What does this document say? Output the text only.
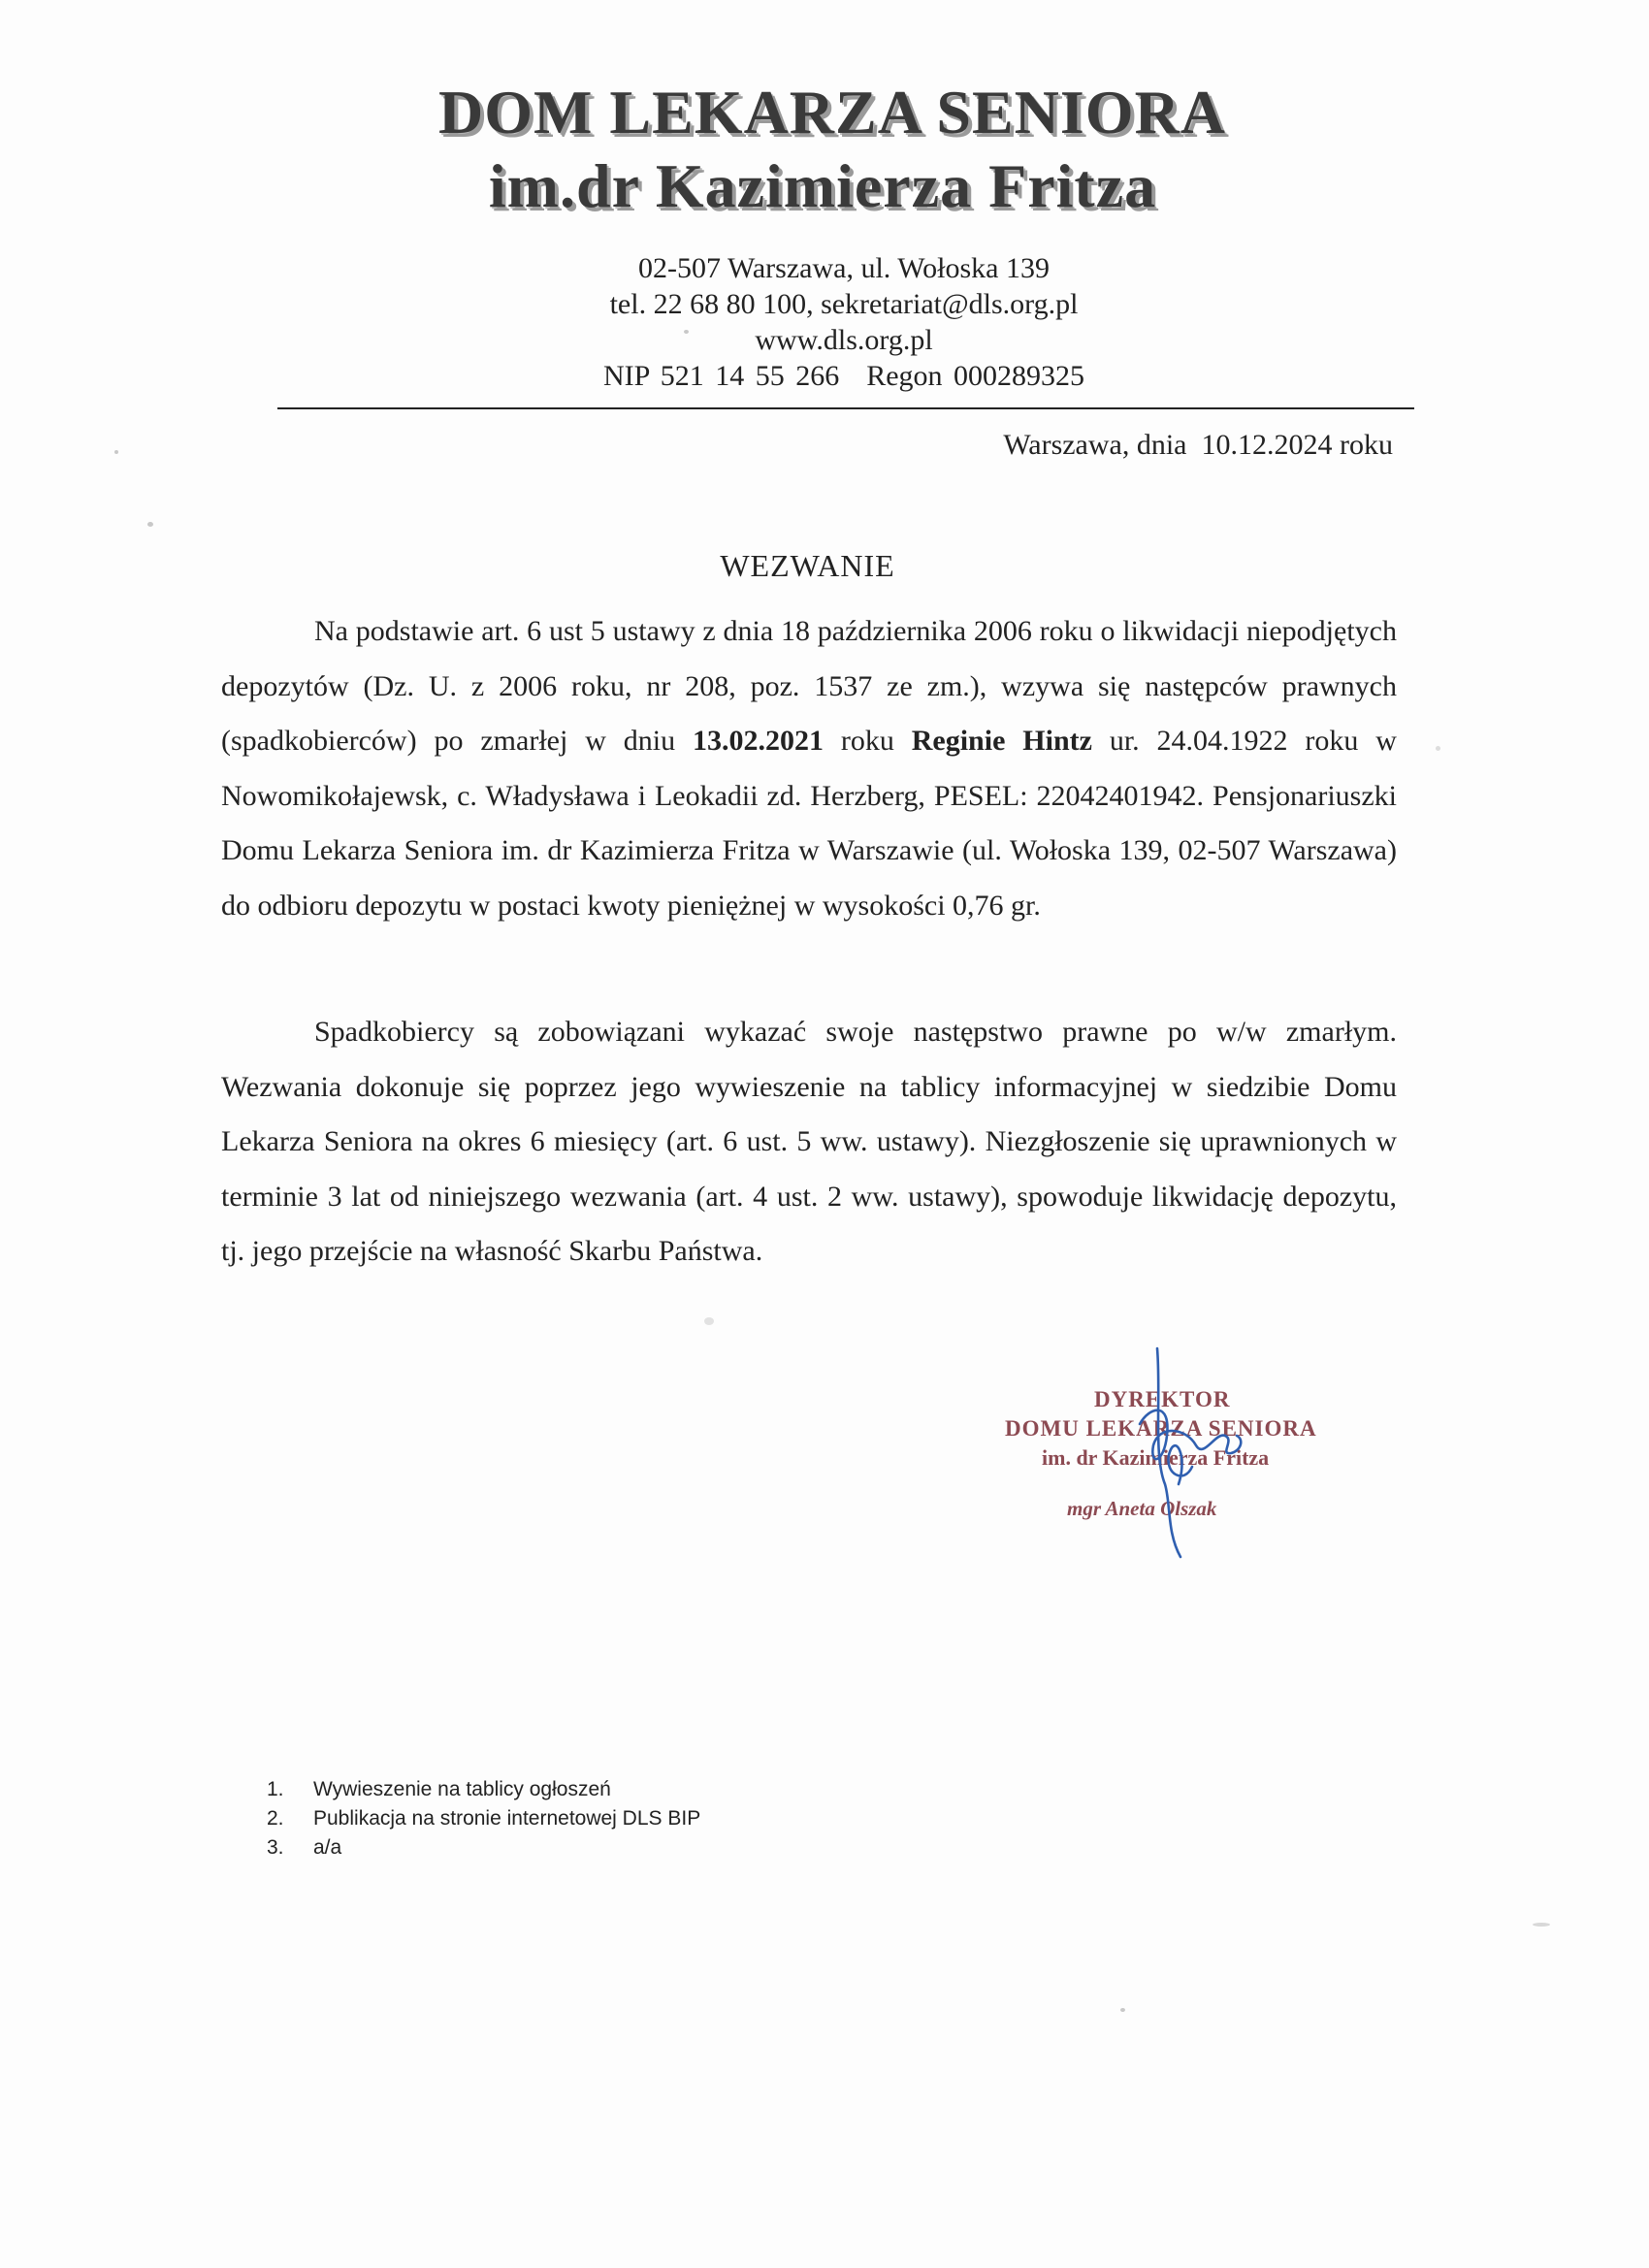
DOM LEKARZA SENIORA
im.dr Kazimierza Fritza
02-507 Warszawa, ul. Wołoska 139
tel. 22 68 80 100, sekretariat@dls.org.pl
www.dls.org.pl
NIP 521 14 55 266 Regon 000289325
Warszawa, dnia  10.12.2024 roku
WEZWANIE

Na podstawie art. 6 ust 5 ustawy z dnia 18 października 2006 roku o likwidacji niepodjętych depozytów (Dz. U. z 2006 roku, nr 208, poz. 1537 ze zm.), wzywa się następców prawnych (spadkobierców) po zmarłej w dniu 13.02.2021 roku Reginie Hintz ur. 24.04.1922 roku w Nowomikołajewsk, c. Władysława i Leokadii zd. Herzberg, PESEL: 22042401942. Pensjonariuszki Domu Lekarza Seniora im. dr Kazimierza Fritza w Warszawie (ul. Wołoska 139, 02-507 Warszawa) do odbioru depozytu w postaci kwoty pieniężnej w wysokości 0,76 gr.

Spadkobiercy są zobowiązani wykazać swoje następstwo prawne po w/w zmarłym. Wezwania dokonuje się poprzez jego wywieszenie na tablicy informacyjnej w siedzibie Domu Lekarza Seniora na okres 6 miesięcy (art. 6 ust. 5 ww. ustawy). Niezgłoszenie się uprawnionych w terminie 3 lat od niniejszego wezwania (art. 4 ust. 2 ww. ustawy), spowoduje likwidację depozytu, tj. jego przejście na własność Skarbu Państwa.

DYREKTOR
DOMU LEKARZA SENIORA
im. dr Kazimierza Fritza
mgr Aneta Olszak
1.	Wywieszenie na tablicy ogłoszeń
2.	Publikacja na stronie internetowej DLS BIP
3.	a/a
